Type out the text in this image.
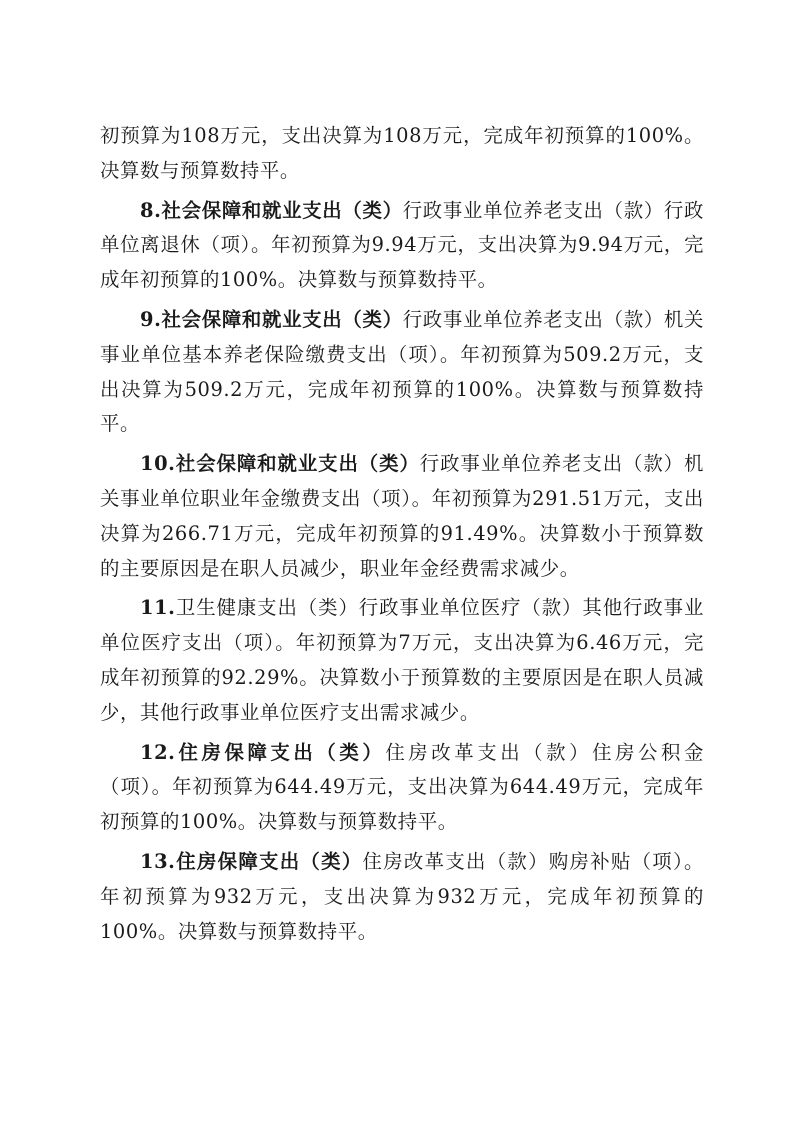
初预算为108万元，支出决算为108万元，完成年初预算的100%。决算数与预算数持平。

8.社会保障和就业支出（类）行政事业单位养老支出（款）行政单位离退休（项）。年初预算为9.94万元，支出决算为9.94万元，完成年初预算的100%。决算数与预算数持平。

9.社会保障和就业支出（类）行政事业单位养老支出（款）机关事业单位基本养老保险缴费支出（项）。年初预算为509.2万元，支出决算为509.2万元，完成年初预算的100%。决算数与预算数持平。

10.社会保障和就业支出（类）行政事业单位养老支出（款）机关事业单位职业年金缴费支出（项）。年初预算为291.51万元，支出决算为266.71万元，完成年初预算的91.49%。决算数小于预算数的主要原因是在职人员减少，职业年金经费需求减少。

11.卫生健康支出（类）行政事业单位医疗（款）其他行政事业单位医疗支出（项）。年初预算为7万元，支出决算为6.46万元，完成年初预算的92.29%。决算数小于预算数的主要原因是在职人员减少，其他行政事业单位医疗支出需求减少。

12.住房保障支出（类）住房改革支出（款）住房公积金（项）。年初预算为644.49万元，支出决算为644.49万元，完成年初预算的100%。决算数与预算数持平。

13.住房保障支出（类）住房改革支出（款）购房补贴（项）。年初预算为932万元，支出决算为932万元，完成年初预算的100%。决算数与预算数持平。
